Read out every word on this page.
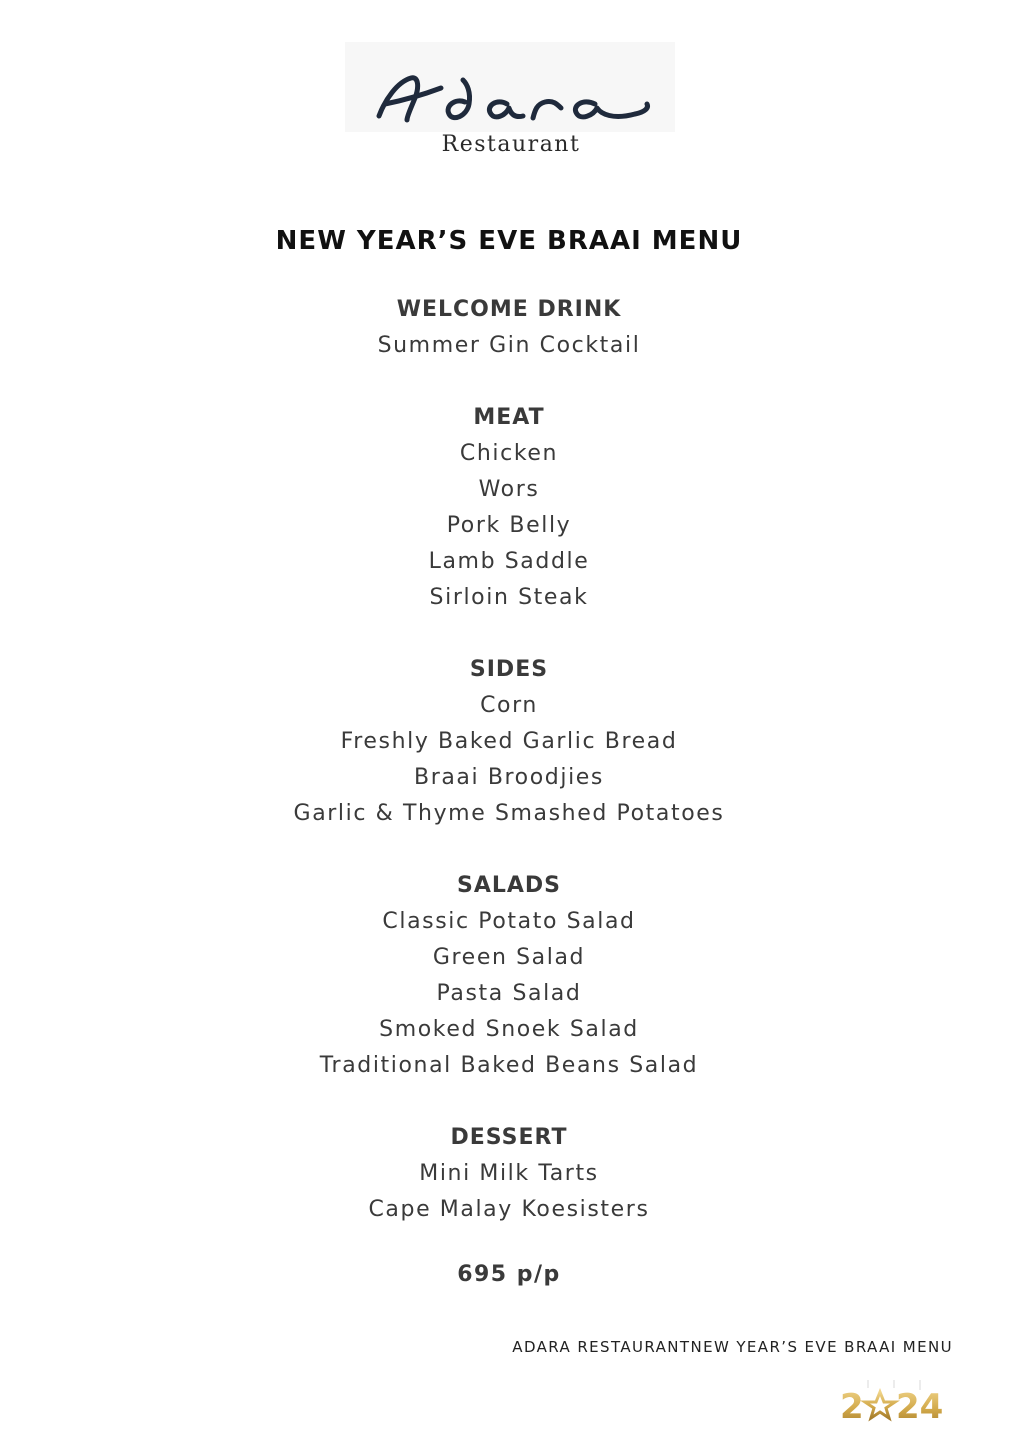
Restaurant
NEW YEAR’S EVE BRAAI MENU
WELCOME DRINK
Summer Gin Cocktail
MEAT
Chicken
Wors
Pork Belly
Lamb Saddle
Sirloin Steak
SIDES
Corn
Freshly Baked Garlic Bread
Braai Broodjies
Garlic & Thyme Smashed Potatoes
SALADS
Classic Potato Salad
Green Salad
Pasta Salad
Smoked Snoek Salad
Traditional Baked Beans Salad
DESSERT
Mini Milk Tarts
Cape Malay Koesisters
695 p/p
ADARA RESTAURANTNEW YEAR’S EVE BRAAI MENU
2 24
